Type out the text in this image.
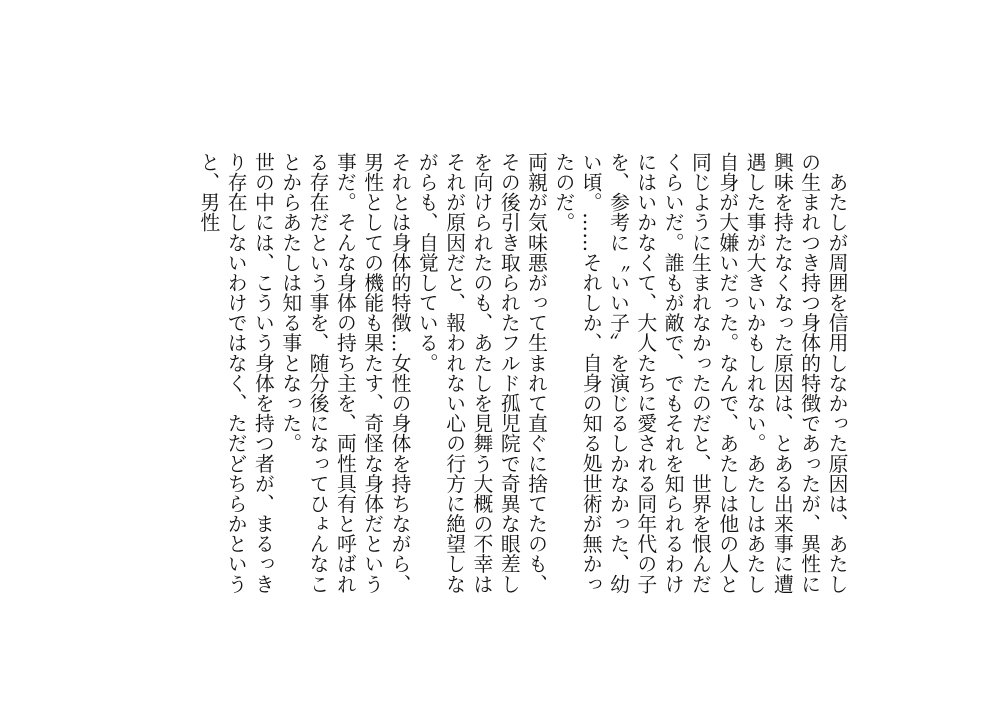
　あたしが周囲を信用しなかった原因は、あたしの生まれつき持つ身体的特徴であったが、異性に興味を持たなくなった原因は、とある出来事に遭遇した事が大きいかもしれない。あたしはあたし自身が大嫌いだった。なんで、あたしは他の人と同じように生まれなかったのだと、世界を恨んだくらいだ。誰もが敵で、でもそれを知られるわけにはいかなくて、大人たちに愛される同年代の子を、参考に〝いい子〟を演じるしかなかった、幼い頃。……それしか、自身の知る処世術が無かったのだ。

両親が気味悪がって生まれて直ぐに捨てたのも、その後引き取られたフルド孤児院で奇異な眼差しを向けられたのも、あたしを見舞う大概の不幸はそれが原因だと、報われない心の行方に絶望しながらも、自覚している。

それとは身体的特徴…女性の身体を持ちながら、男性としての機能も果たす、奇怪な身体だという事だ。そんな身体の持ち主を、両性具有と呼ばれる存在だという事を、随分後になってひょんなことからあたしは知る事となった。

世の中には、こういう身体を持つ者が、まるっきり存在しないわけではなく、ただどちらかというと、男性
